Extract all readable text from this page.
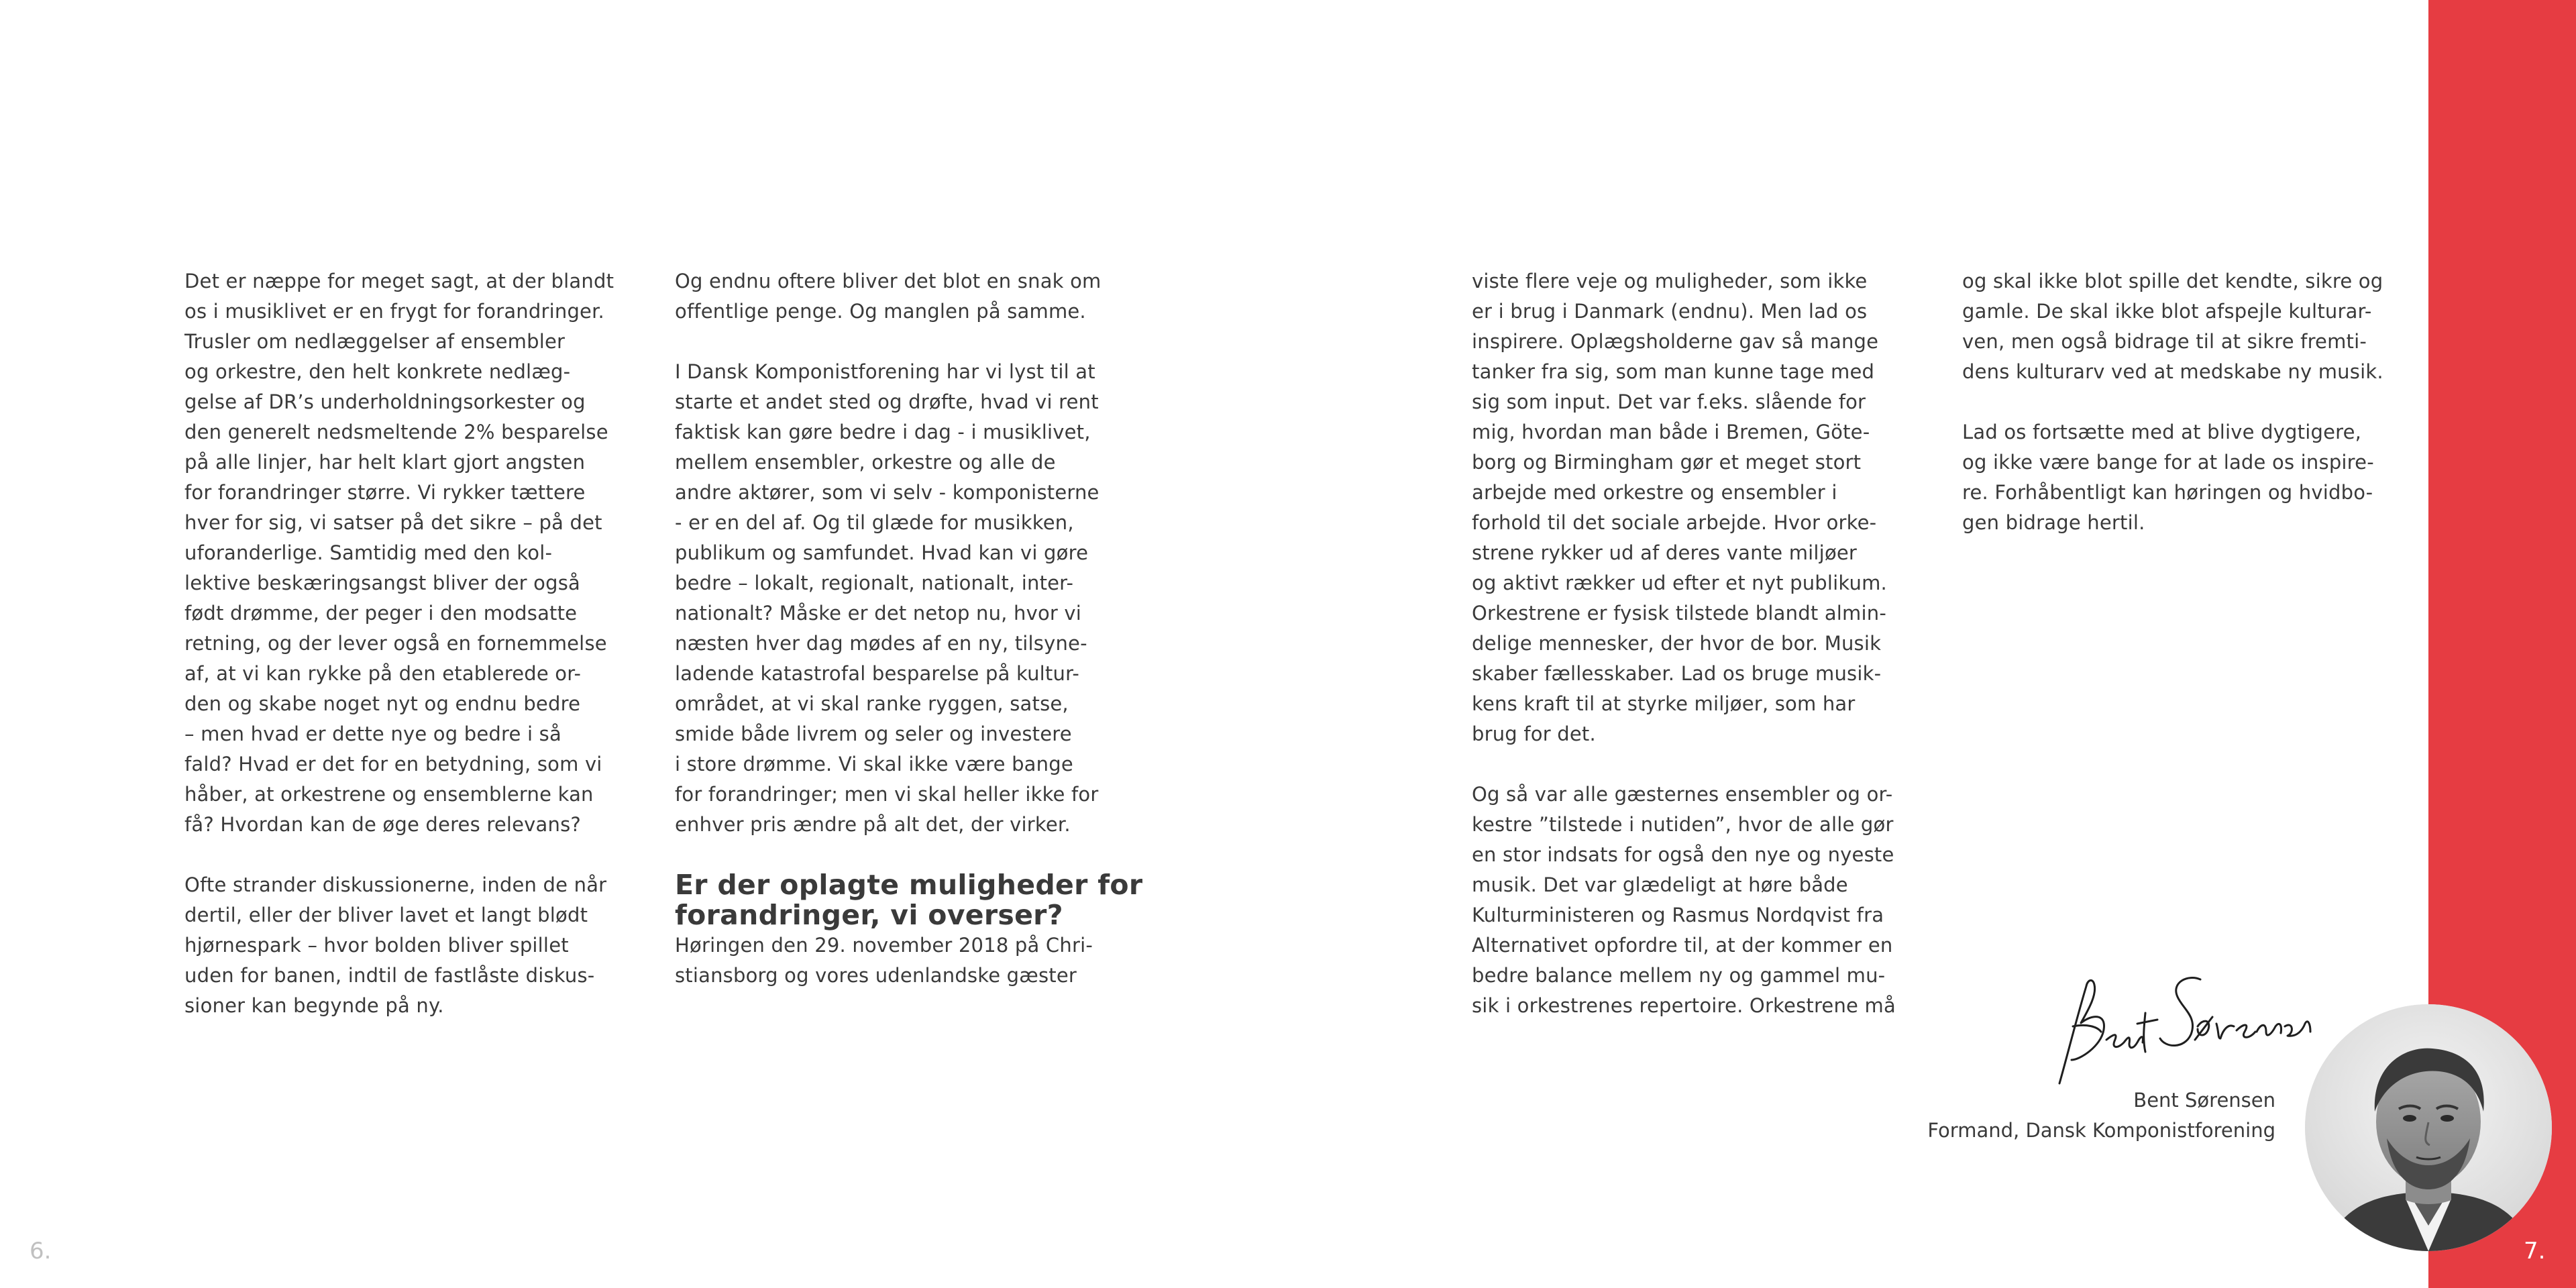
Det er næppe for meget sagt, at der blandt
os i musiklivet er en frygt for forandringer.
Trusler om nedlæggelser af ensembler
og orkestre, den helt konkrete nedlæg-
gelse af DR’s underholdningsorkester og
den generelt nedsmeltende 2% besparelse
på alle linjer, har helt klart gjort angsten
for forandringer større. Vi rykker tættere
hver for sig, vi satser på det sikre – på det
uforanderlige. Samtidig med den kol-
lektive beskæringsangst bliver der også
født drømme, der peger i den modsatte
retning, og der lever også en fornemmelse
af, at vi kan rykke på den etablerede or-
den og skabe noget nyt og endnu bedre
– men hvad er dette nye og bedre i så
fald? Hvad er det for en betydning, som vi
håber, at orkestrene og ensemblerne kan
få? Hvordan kan de øge deres relevans?

Ofte strander diskussionerne, inden de når
dertil, eller der bliver lavet et langt blødt
hjørnespark – hvor bolden bliver spillet
uden for banen, indtil de fastlåste diskus-
sioner kan begynde på ny.

Og endnu oftere bliver det blot en snak om
offentlige penge. Og manglen på samme.

I Dansk Komponistforening har vi lyst til at
starte et andet sted og drøfte, hvad vi rent
faktisk kan gøre bedre i dag - i musiklivet,
mellem ensembler, orkestre og alle de
andre aktører, som vi selv - komponisterne
- er en del af. Og til glæde for musikken,
publikum og samfundet. Hvad kan vi gøre
bedre – lokalt, regionalt, nationalt, inter-
nationalt? Måske er det netop nu, hvor vi
næsten hver dag mødes af en ny, tilsyne-
ladende katastrofal besparelse på kultur-
området, at vi skal ranke ryggen, satse,
smide både livrem og seler og investere
i store drømme. Vi skal ikke være bange
for forandringer; men vi skal heller ikke for
enhver pris ændre på alt det, der virker.

Er der oplagte muligheder for
forandringer, vi overser?

Høringen den 29. november 2018 på Chri-
stiansborg og vores udenlandske gæster

viste flere veje og muligheder, som ikke
er i brug i Danmark (endnu). Men lad os
inspirere. Oplægsholderne gav så mange
tanker fra sig, som man kunne tage med
sig som input. Det var f.eks. slående for
mig, hvordan man både i Bremen, Göte-
borg og Birmingham gør et meget stort
arbejde med orkestre og ensembler i
forhold til det sociale arbejde. Hvor orke-
strene rykker ud af deres vante miljøer
og aktivt rækker ud efter et nyt publikum.
Orkestrene er fysisk tilstede blandt almin-
delige mennesker, der hvor de bor. Musik
skaber fællesskaber. Lad os bruge musik-
kens kraft til at styrke miljøer, som har
brug for det.

Og så var alle gæsternes ensembler og or-
kestre ”tilstede i nutiden”, hvor de alle gør
en stor indsats for også den nye og nyeste
musik. Det var glædeligt at høre både
Kulturministeren og Rasmus Nordqvist fra
Alternativet opfordre til, at der kommer en
bedre balance mellem ny og gammel mu-
sik i orkestrenes repertoire. Orkestrene må

og skal ikke blot spille det kendte, sikre og
gamle. De skal ikke blot afspejle kulturar-
ven, men også bidrage til at sikre fremti-
dens kulturarv ved at medskabe ny musik.

Lad os fortsætte med at blive dygtigere,
og ikke være bange for at lade os inspire-
re. Forhåbentligt kan høringen og hvidbo-
gen bidrage hertil.

Bent Sørensen
Formand, Dansk Komponistforening
6.	7.
